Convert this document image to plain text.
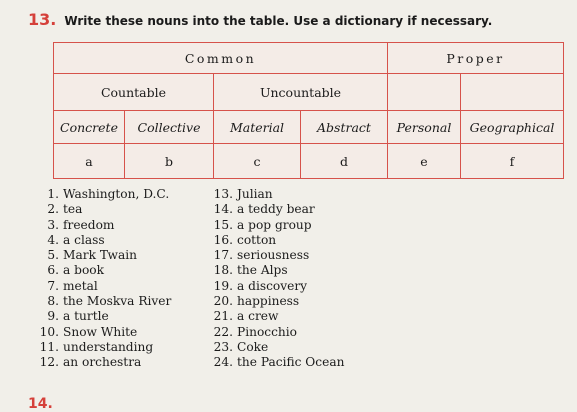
13. Write these nouns into the table. Use a dictionary if necessary.
Common				Proper	
Countable		Uncountable			
Concrete	Collective	Material	Abstract	Personal	Geographical
a	b	c	d	e	f
1. Washington, D.C.
2. tea
3. freedom
4. a class
5. Mark Twain
6. a book
7. metal
8. the Moskva River
9. a turtle
10. Snow White
11. understanding
12. an orchestra
13. Julian
14. a teddy bear
15. a pop group
16. cotton
17. seriousness
18. the Alps
19. a discovery
20. happiness
21. a crew
22. Pinocchio
23. Coke
24. the Pacific Ocean
14.
